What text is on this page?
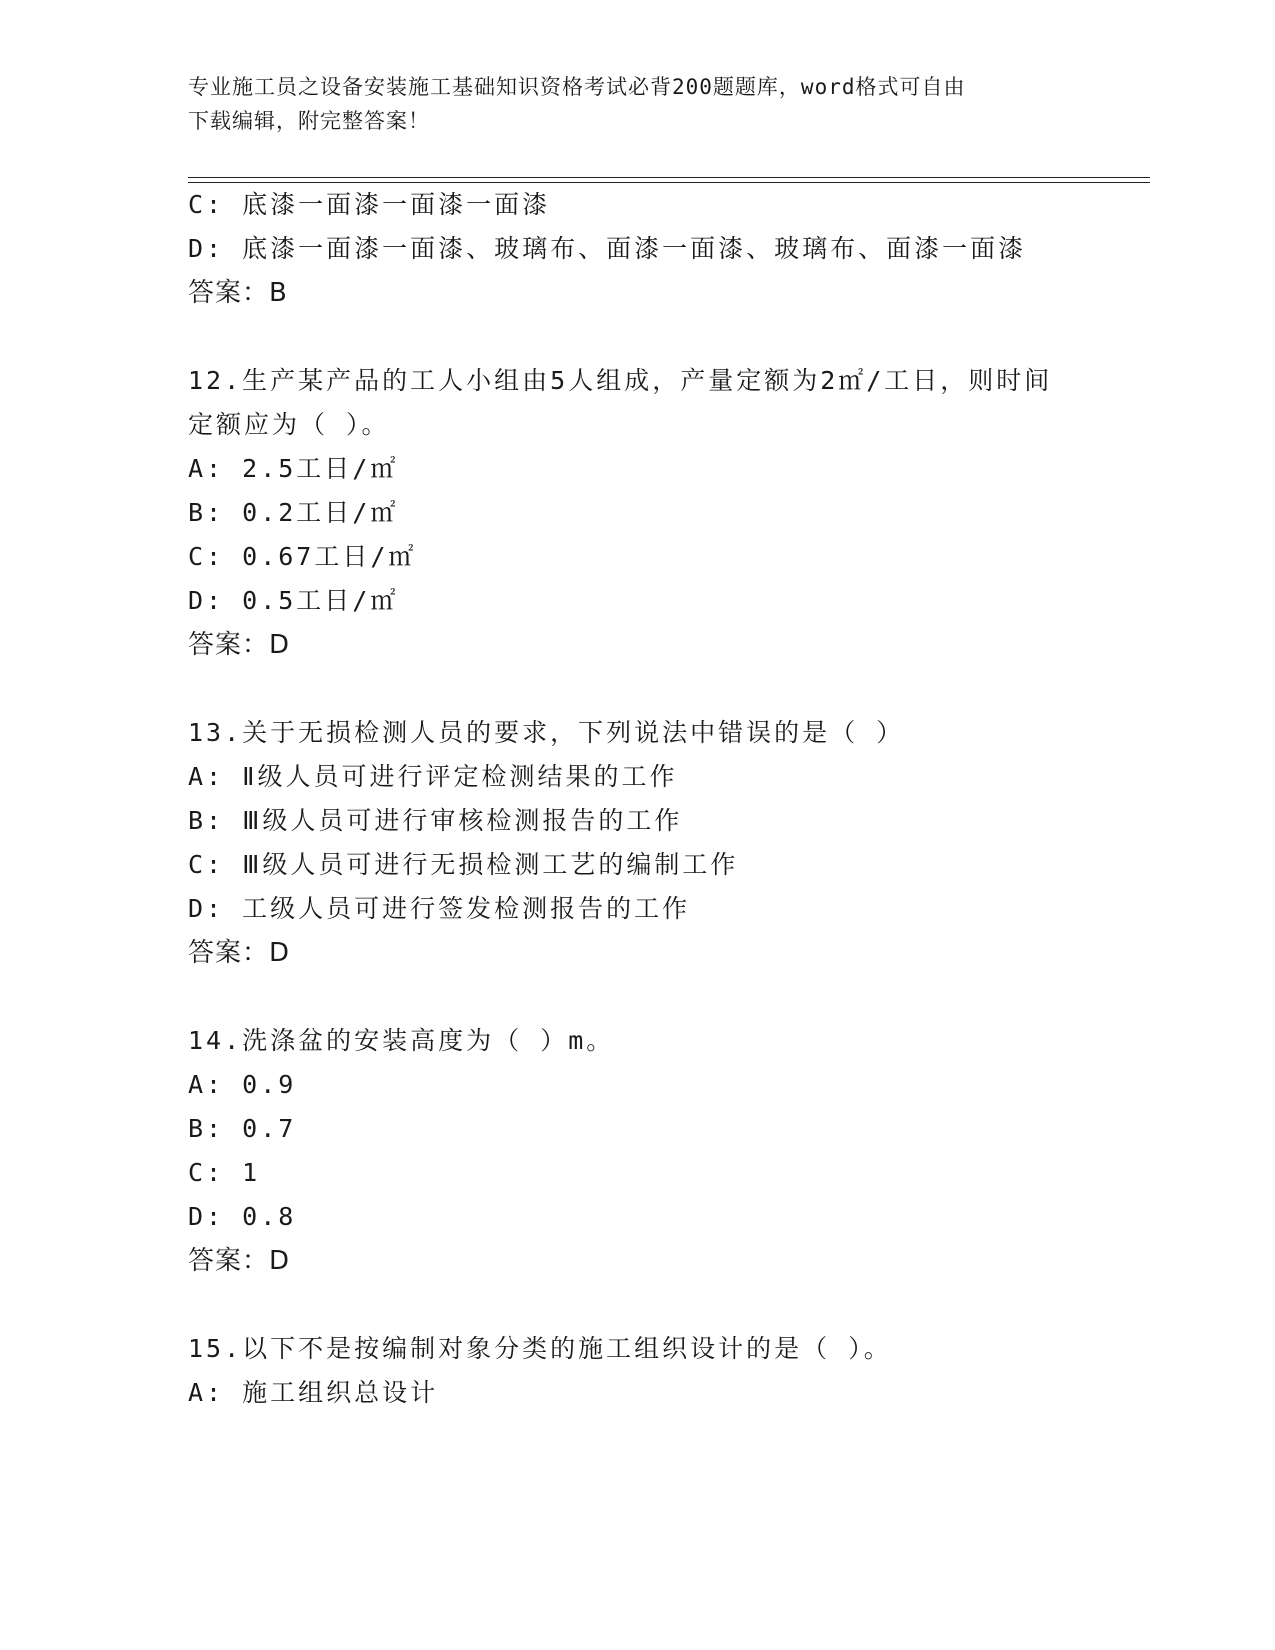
专业施工员之设备安装施工基础知识资格考试必背200题题库，word格式可自由
下载编辑，附完整答案！
C: 底漆一面漆一面漆一面漆
D: 底漆一面漆一面漆、玻璃布、面漆一面漆、玻璃布、面漆一面漆
答案：B
12.生产某产品的工人小组由5人组成，产量定额为2㎡/工日，则时间
定额应为（ ）。
A: 2.5工日/㎡
B: 0.2工日/㎡
C: 0.67工日/㎡
D: 0.5工日/㎡
答案：D
13.关于无损检测人员的要求，下列说法中错误的是（ ）
A: Ⅱ级人员可进行评定检测结果的工作
B: Ⅲ级人员可进行审核检测报告的工作
C: Ⅲ级人员可进行无损检测工艺的编制工作
D: 工级人员可进行签发检测报告的工作
答案：D
14.洗涤盆的安装高度为（ ）m。
A: 0.9
B: 0.7
C: 1
D: 0.8
答案：D
15.以下不是按编制对象分类的施工组织设计的是（ ）。
A: 施工组织总设计
